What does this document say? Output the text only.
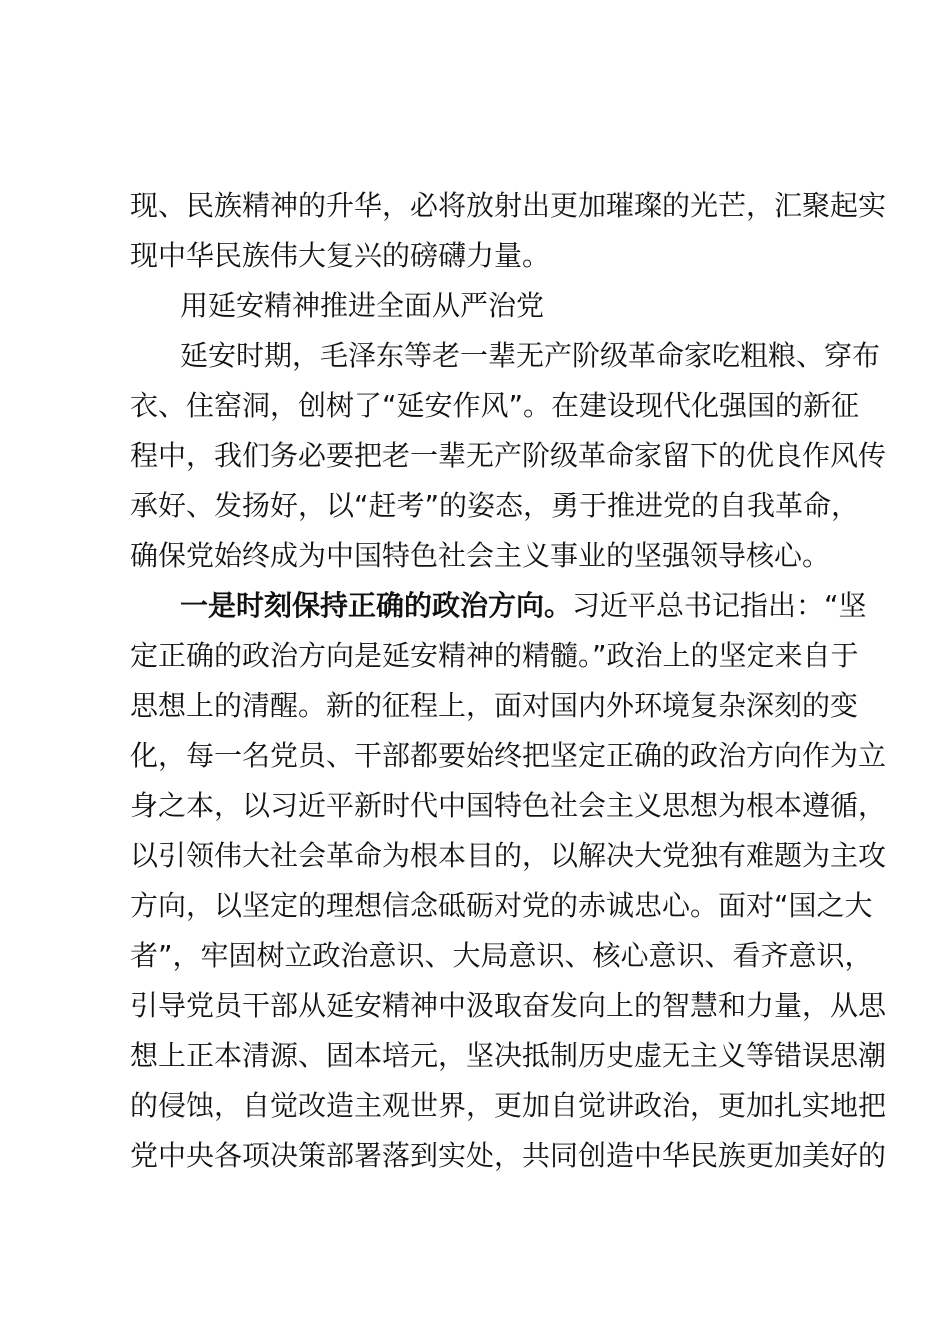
现、民族精神的升华，必将放射出更加璀璨的光芒，汇聚起实
现中华民族伟大复兴的磅礴力量。
用延安精神推进全面从严治党
延安时期，毛泽东等老一辈无产阶级革命家吃粗粮、穿布
衣、住窑洞，创树了“延安作风”。在建设现代化强国的新征
程中，我们务必要把老一辈无产阶级革命家留下的优良作风传
承好、发扬好，以“赶考”的姿态，勇于推进党的自我革命，
确保党始终成为中国特色社会主义事业的坚强领导核心。
一是时刻保持正确的政治方向。习近平总书记指出：“坚
定正确的政治方向是延安精神的精髓。”政治上的坚定来自于
思想上的清醒。新的征程上，面对国内外环境复杂深刻的变
化，每一名党员、干部都要始终把坚定正确的政治方向作为立
身之本，以习近平新时代中国特色社会主义思想为根本遵循，
以引领伟大社会革命为根本目的，以解决大党独有难题为主攻
方向，以坚定的理想信念砥砺对党的赤诚忠心。面对“国之大
者”，牢固树立政治意识、大局意识、核心意识、看齐意识，
引导党员干部从延安精神中汲取奋发向上的智慧和力量，从思
想上正本清源、固本培元，坚决抵制历史虚无主义等错误思潮
的侵蚀，自觉改造主观世界，更加自觉讲政治，更加扎实地把
党中央各项决策部署落到实处，共同创造中华民族更加美好的
